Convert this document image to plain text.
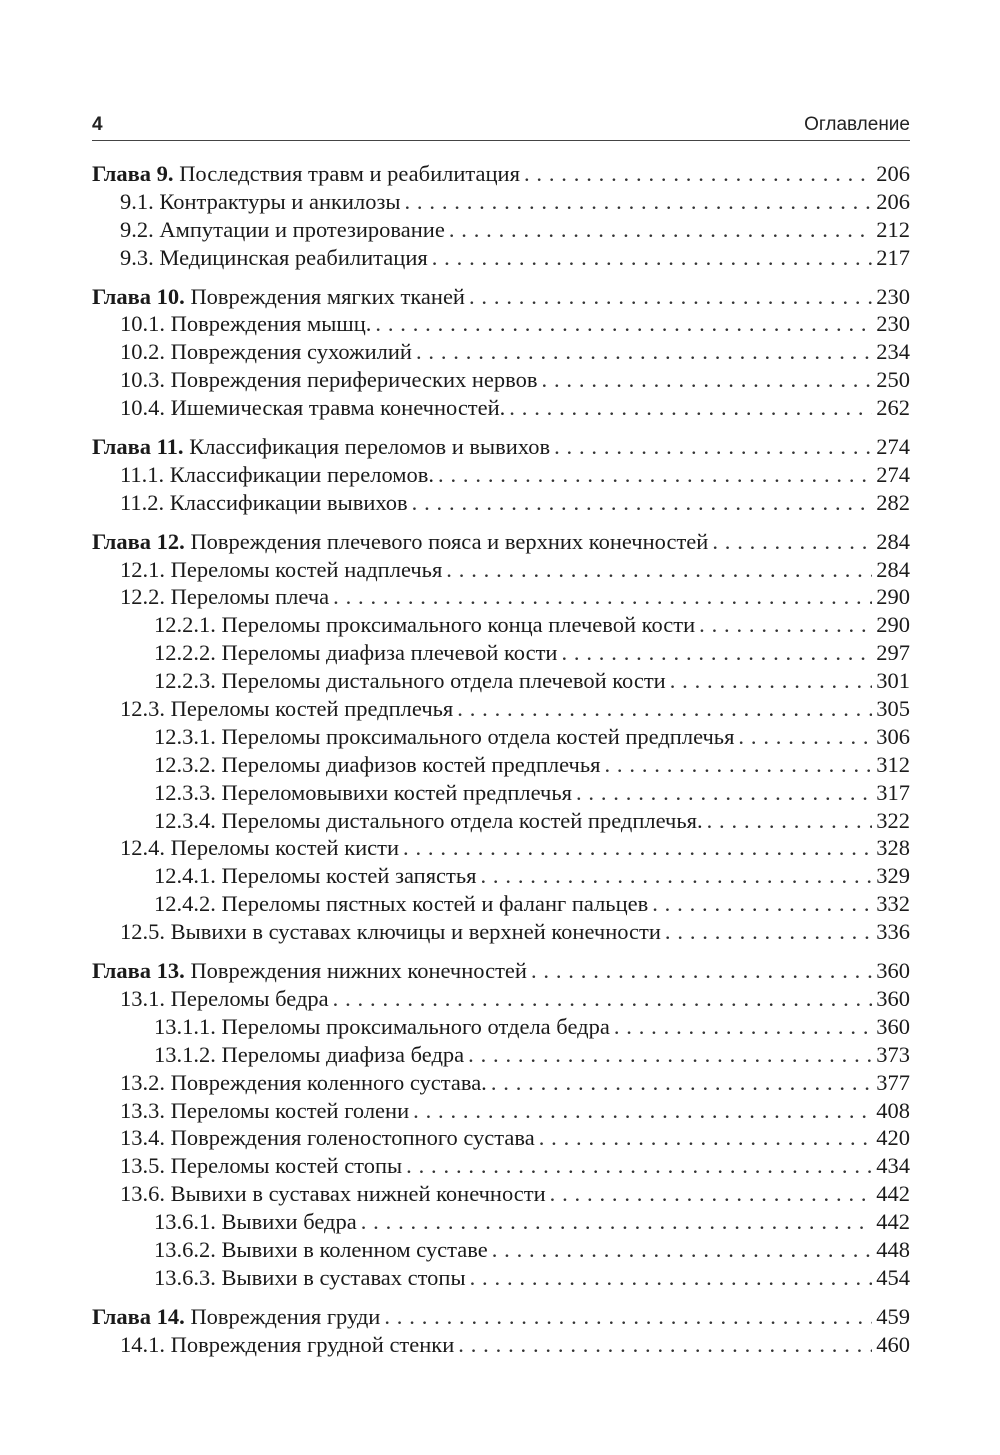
4	Оглавление
Глава 9. Последствия травм и реабилитация . . .	206
9.1. Контрактуры и анкилозы . . .	206
9.2. Ампутации и протезирование . . .	212
9.3. Медицинская реабилитация . . .	217
Глава 10. Повреждения мягких тканей . . .	230
10.1. Повреждения мышц. . . .	230
10.2. Повреждения сухожилий . . .	234
10.3. Повреждения периферических нервов . . .	250
10.4. Ишемическая травма конечностей. . . .	262
Глава 11. Классификация переломов и вывихов . . .	274
11.1. Классификации переломов. . . .	274
11.2. Классификации вывихов . . .	282
Глава 12. Повреждения плечевого пояса и верхних конечностей . . .	284
12.1. Переломы костей надплечья . . .	284
12.2. Переломы плеча . . .	290
12.2.1. Переломы проксимального конца плечевой кости . . .	290
12.2.2. Переломы диафиза плечевой кости . . .	297
12.2.3. Переломы дистального отдела плечевой кости . . .	301
12.3. Переломы костей предплечья . . .	305
12.3.1. Переломы проксимального отдела костей предплечья . . .	306
12.3.2. Переломы диафизов костей предплечья . . .	312
12.3.3. Переломовывихи костей предплечья . . .	317
12.3.4. Переломы дистального отдела костей предплечья. . . .	322
12.4. Переломы костей кисти . . .	328
12.4.1. Переломы костей запястья . . .	329
12.4.2. Переломы пястных костей и фаланг пальцев . . .	332
12.5. Вывихи в суставах ключицы и верхней конечности . . .	336
Глава 13. Повреждения нижних конечностей . . .	360
13.1. Переломы бедра . . .	360
13.1.1. Переломы проксимального отдела бедра . . .	360
13.1.2. Переломы диафиза бедра . . .	373
13.2. Повреждения коленного сустава. . . .	377
13.3. Переломы костей голени . . .	408
13.4. Повреждения голеностопного сустава . . .	420
13.5. Переломы костей стопы . . .	434
13.6. Вывихи в суставах нижней конечности . . .	442
13.6.1. Вывихи бедра . . .	442
13.6.2. Вывихи в коленном суставе . . .	448
13.6.3. Вывихи в суставах стопы . . .	454
Глава 14. Повреждения груди . . .	459
14.1. Повреждения грудной стенки . . .	460
